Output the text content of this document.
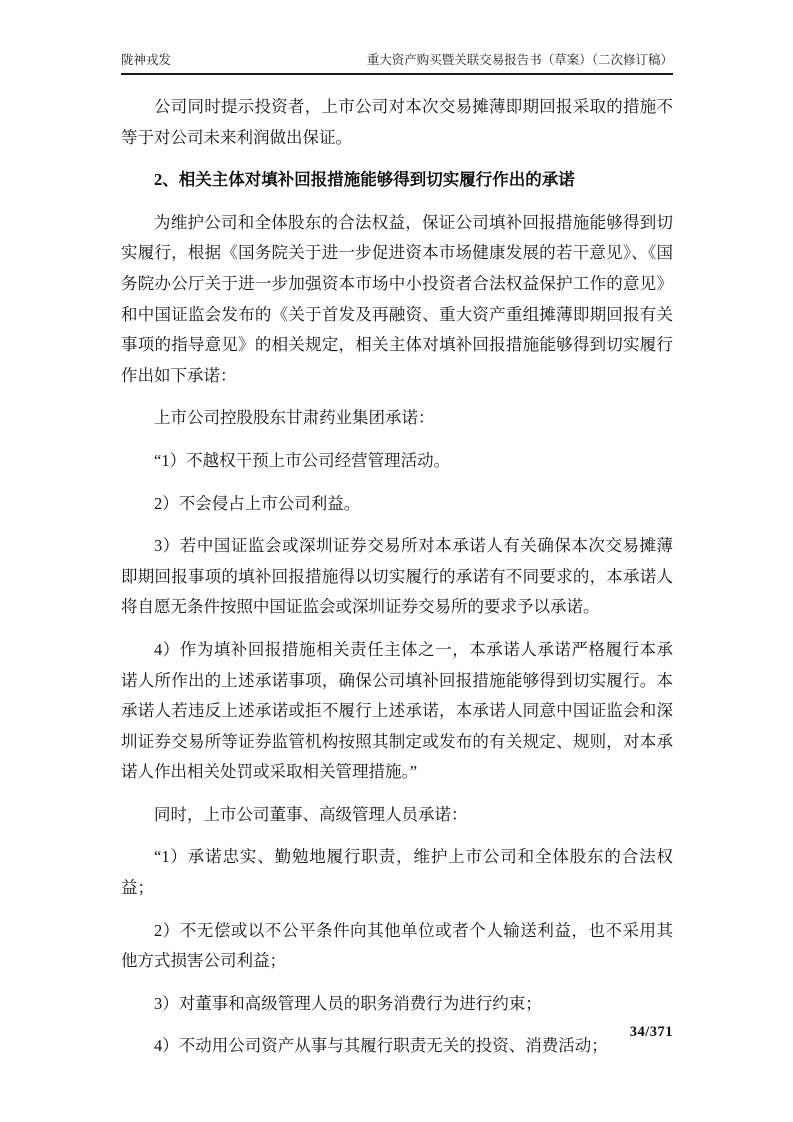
陇神戎发	重大资产购买暨关联交易报告书（草案）（二次修订稿）

公司同时提示投资者，上市公司对本次交易摊薄即期回报采取的措施不等于对公司未来利润做出保证。

2、相关主体对填补回报措施能够得到切实履行作出的承诺

为维护公司和全体股东的合法权益，保证公司填补回报措施能够得到切实履行，根据《国务院关于进一步促进资本市场健康发展的若干意见》、《国务院办公厅关于进一步加强资本市场中小投资者合法权益保护工作的意见》和中国证监会发布的《关于首发及再融资、重大资产重组摊薄即期回报有关事项的指导意见》的相关规定，相关主体对填补回报措施能够得到切实履行作出如下承诺：

上市公司控股股东甘肃药业集团承诺：

“1）不越权干预上市公司经营管理活动。

2）不会侵占上市公司利益。

3）若中国证监会或深圳证券交易所对本承诺人有关确保本次交易摊薄即期回报事项的填补回报措施得以切实履行的承诺有不同要求的，本承诺人将自愿无条件按照中国证监会或深圳证券交易所的要求予以承诺。

4）作为填补回报措施相关责任主体之一，本承诺人承诺严格履行本承诺人所作出的上述承诺事项，确保公司填补回报措施能够得到切实履行。本承诺人若违反上述承诺或拒不履行上述承诺，本承诺人同意中国证监会和深圳证券交易所等证券监管机构按照其制定或发布的有关规定、规则，对本承诺人作出相关处罚或采取相关管理措施。”

同时，上市公司董事、高级管理人员承诺：

“1）承诺忠实、勤勉地履行职责，维护上市公司和全体股东的合法权益；

2）不无偿或以不公平条件向其他单位或者个人输送利益，也不采用其他方式损害公司利益；

3）对董事和高级管理人员的职务消费行为进行约束；

4）不动用公司资产从事与其履行职责无关的投资、消费活动；

34/371
